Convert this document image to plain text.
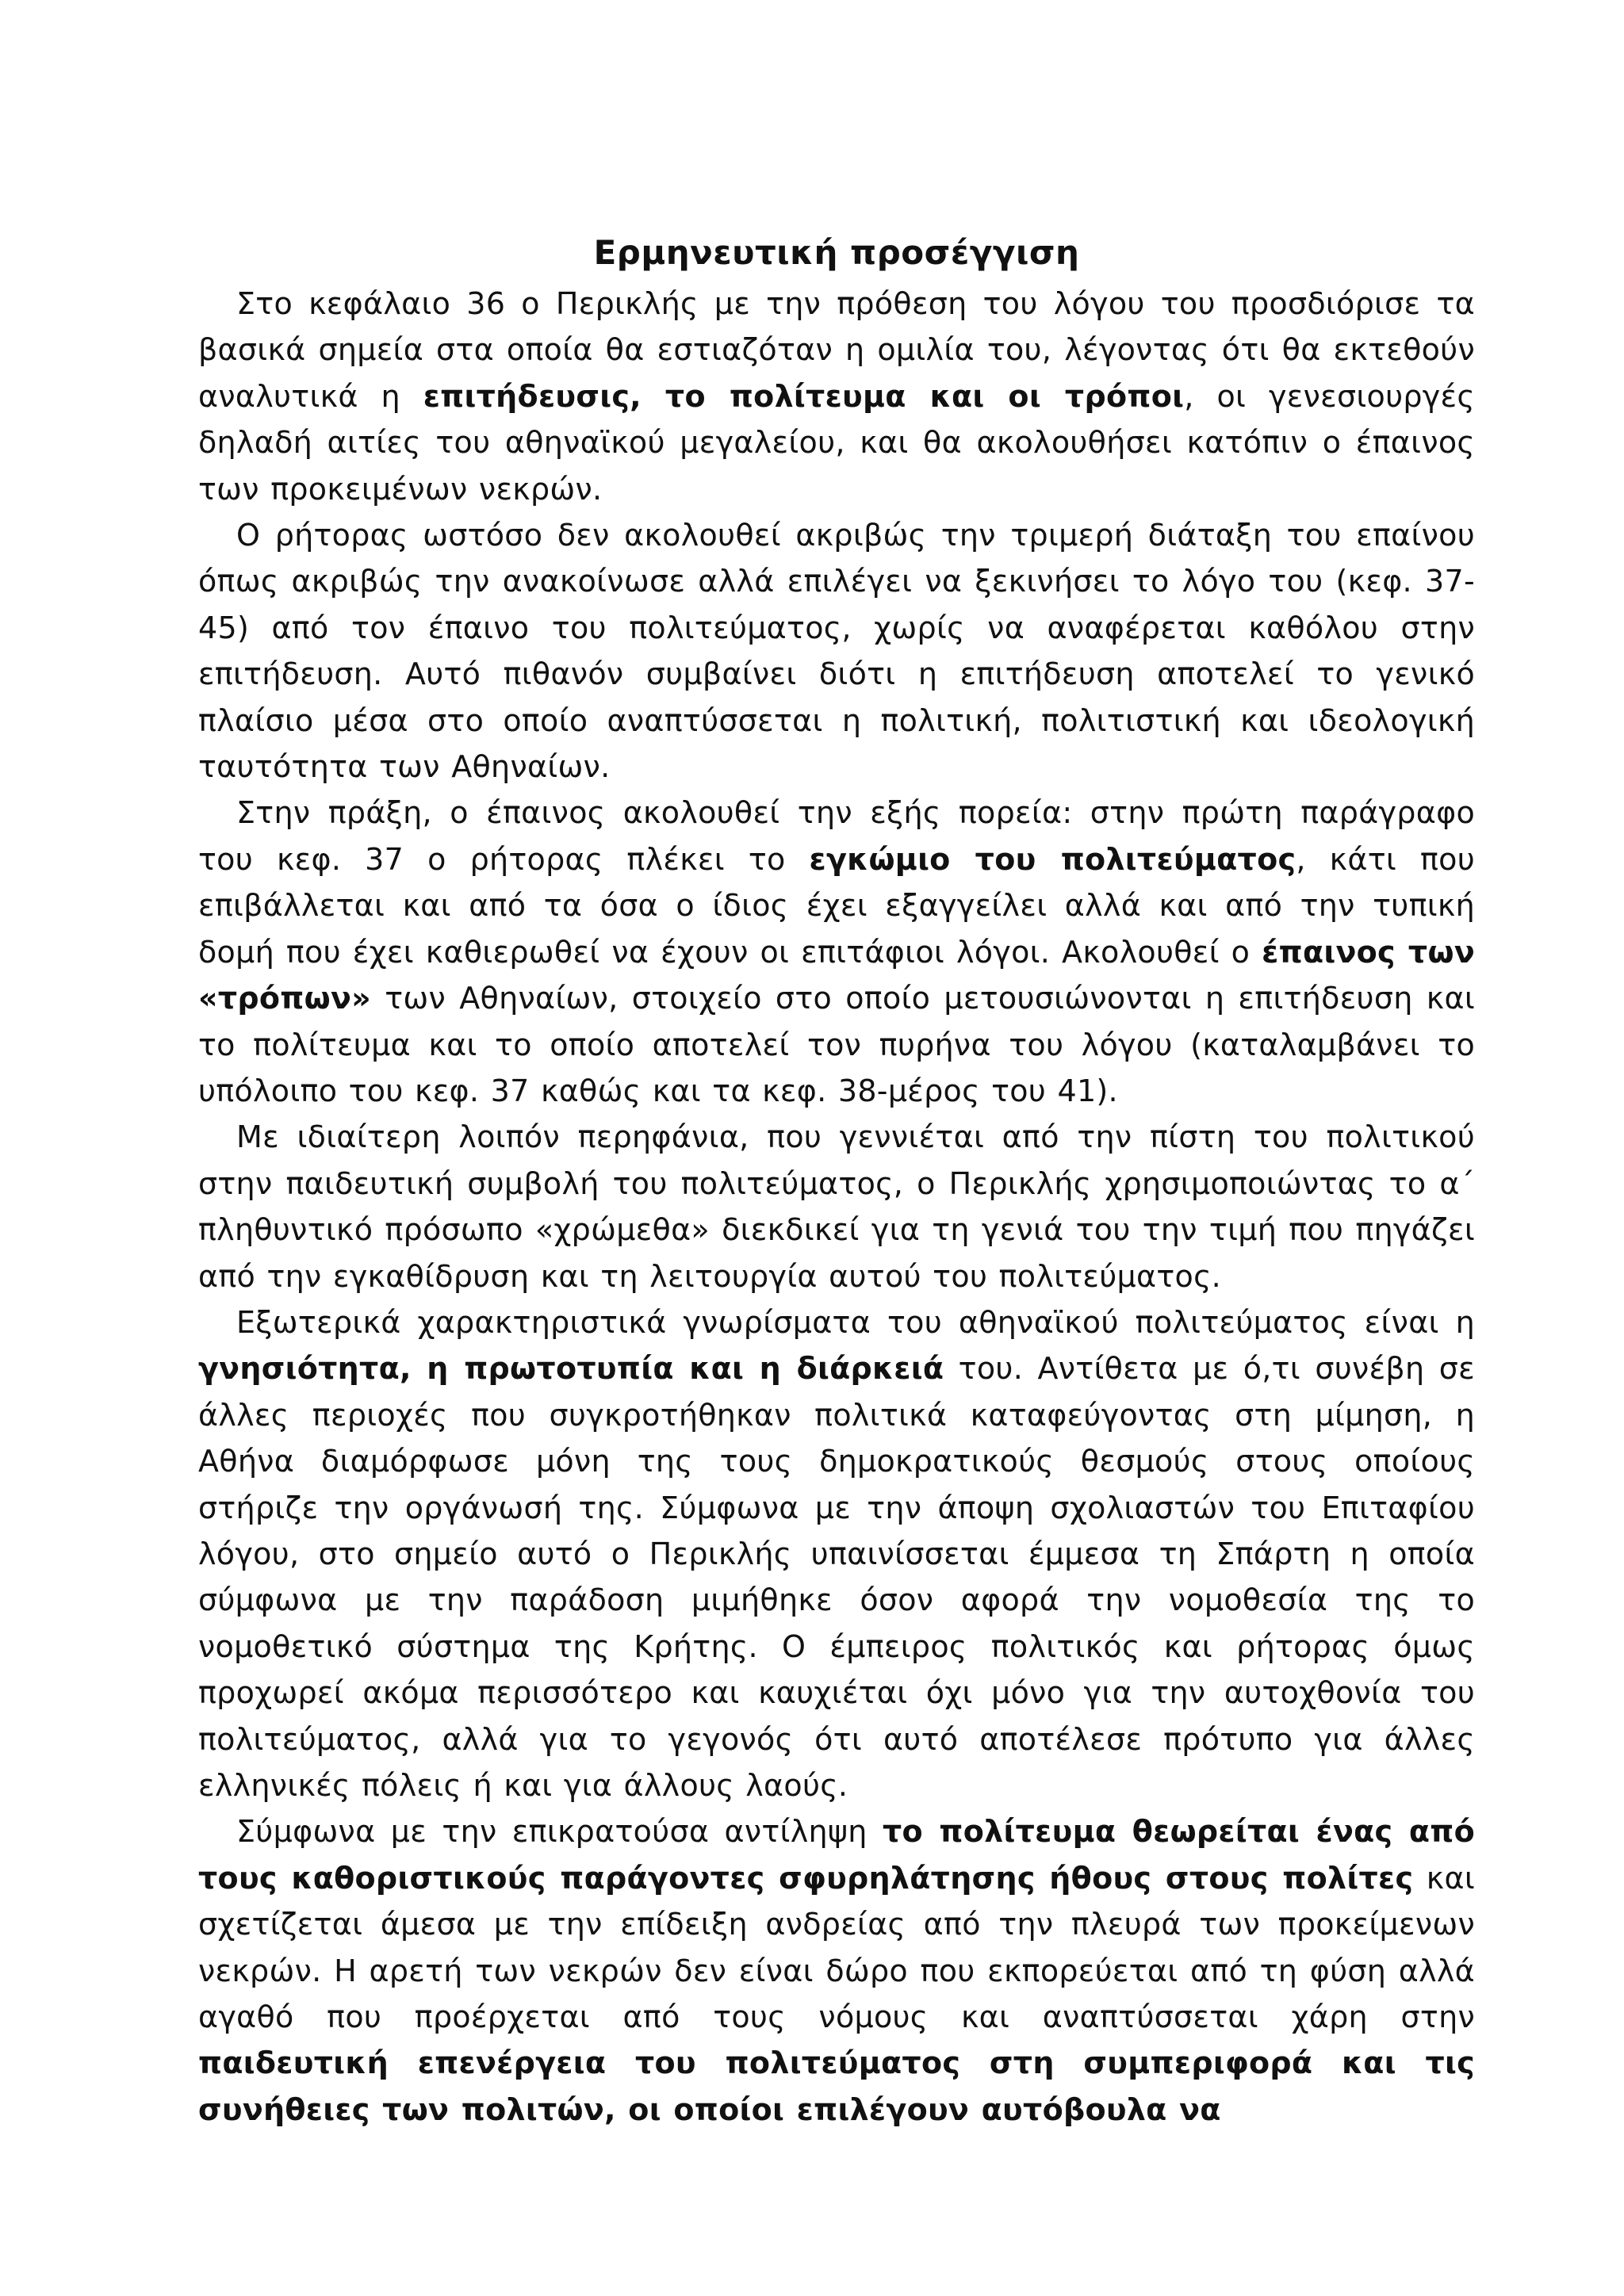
Ερμηνευτική προσέγγιση

Στο κεφάλαιο 36 ο Περικλής με την πρόθεση του λόγου του προσδιόρισε τα βασικά σημεία στα οποία θα εστιαζόταν η ομιλία του, λέγοντας ότι θα εκτεθούν αναλυτικά η επιτήδευσις, το πολίτευμα και οι τρόποι, οι γενεσιουργές δηλαδή αιτίες του αθηναϊκού μεγαλείου, και θα ακολουθήσει κατόπιν ο έπαινος των προκειμένων νεκρών.

Ο ρήτορας ωστόσο δεν ακολουθεί ακριβώς την τριμερή διάταξη του επαίνου όπως ακριβώς την ανακοίνωσε αλλά επιλέγει να ξεκινήσει το λόγο του (κεφ. 37-45) από τον έπαινο του πολιτεύματος, χωρίς να αναφέρεται καθόλου στην επιτήδευση. Αυτό πιθανόν συμβαίνει διότι η επιτήδευση αποτελεί το γενικό πλαίσιο μέσα στο οποίο αναπτύσσεται η πολιτική, πολιτιστική και ιδεολογική ταυτότητα των Αθηναίων.

Στην πράξη, ο έπαινος ακολουθεί την εξής πορεία: στην πρώτη παράγραφο του κεφ. 37 ο ρήτορας πλέκει το εγκώμιο του πολιτεύματος, κάτι που επιβάλλεται και από τα όσα ο ίδιος έχει εξαγγείλει αλλά και από την τυπική δομή που έχει καθιερωθεί να έχουν οι επιτάφιοι λόγοι. Ακολουθεί ο έπαινος των «τρόπων» των Αθηναίων, στοιχείο στο οποίο μετουσιώνονται η επιτήδευση και το πολίτευμα και το οποίο αποτελεί τον πυρήνα του λόγου (καταλαμβάνει το υπόλοιπο του κεφ. 37 καθώς και τα κεφ. 38-μέρος του 41).

Με ιδιαίτερη λοιπόν περηφάνια, που γεννιέται από την πίστη του πολιτικού στην παιδευτική συμβολή του πολιτεύματος, ο Περικλής χρησιμοποιώντας το α΄ πληθυντικό πρόσωπο «χρώμεθα» διεκδικεί για τη γενιά του την τιμή που πηγάζει από την εγκαθίδρυση και τη λειτουργία αυτού του πολιτεύματος.

Εξωτερικά χαρακτηριστικά γνωρίσματα του αθηναϊκού πολιτεύματος είναι η γνησιότητα, η πρωτοτυπία και η διάρκειά του. Αντίθετα με ό,τι συνέβη σε άλλες περιοχές που συγκροτήθηκαν πολιτικά καταφεύγοντας στη μίμηση, η Αθήνα διαμόρφωσε μόνη της τους δημοκρατικούς θεσμούς στους οποίους στήριζε την οργάνωσή της. Σύμφωνα με την άποψη σχολιαστών του Επιταφίου λόγου, στο σημείο αυτό ο Περικλής υπαινίσσεται έμμεσα τη Σπάρτη η οποία σύμφωνα με την παράδοση μιμήθηκε όσον αφορά την νομοθεσία της το νομοθετικό σύστημα της Κρήτης. Ο έμπειρος πολιτικός και ρήτορας όμως προχωρεί ακόμα περισσότερο και καυχιέται όχι μόνο για την αυτοχθονία του πολιτεύματος, αλλά για το γεγονός ότι αυτό αποτέλεσε πρότυπο για άλλες ελληνικές πόλεις ή και για άλλους λαούς.

Σύμφωνα με την επικρατούσα αντίληψη το πολίτευμα θεωρείται ένας από τους καθοριστικούς παράγοντες σφυρηλάτησης ήθους στους πολίτες και σχετίζεται άμεσα με την επίδειξη ανδρείας από την πλευρά των προκείμενων νεκρών. Η αρετή των νεκρών δεν είναι δώρο που εκπορεύεται από τη φύση αλλά αγαθό που προέρχεται από τους νόμους και αναπτύσσεται χάρη στην παιδευτική επενέργεια του πολιτεύματος στη συμπεριφορά και τις συνήθειες των πολιτών, οι οποίοι επιλέγουν αυτόβουλα να
